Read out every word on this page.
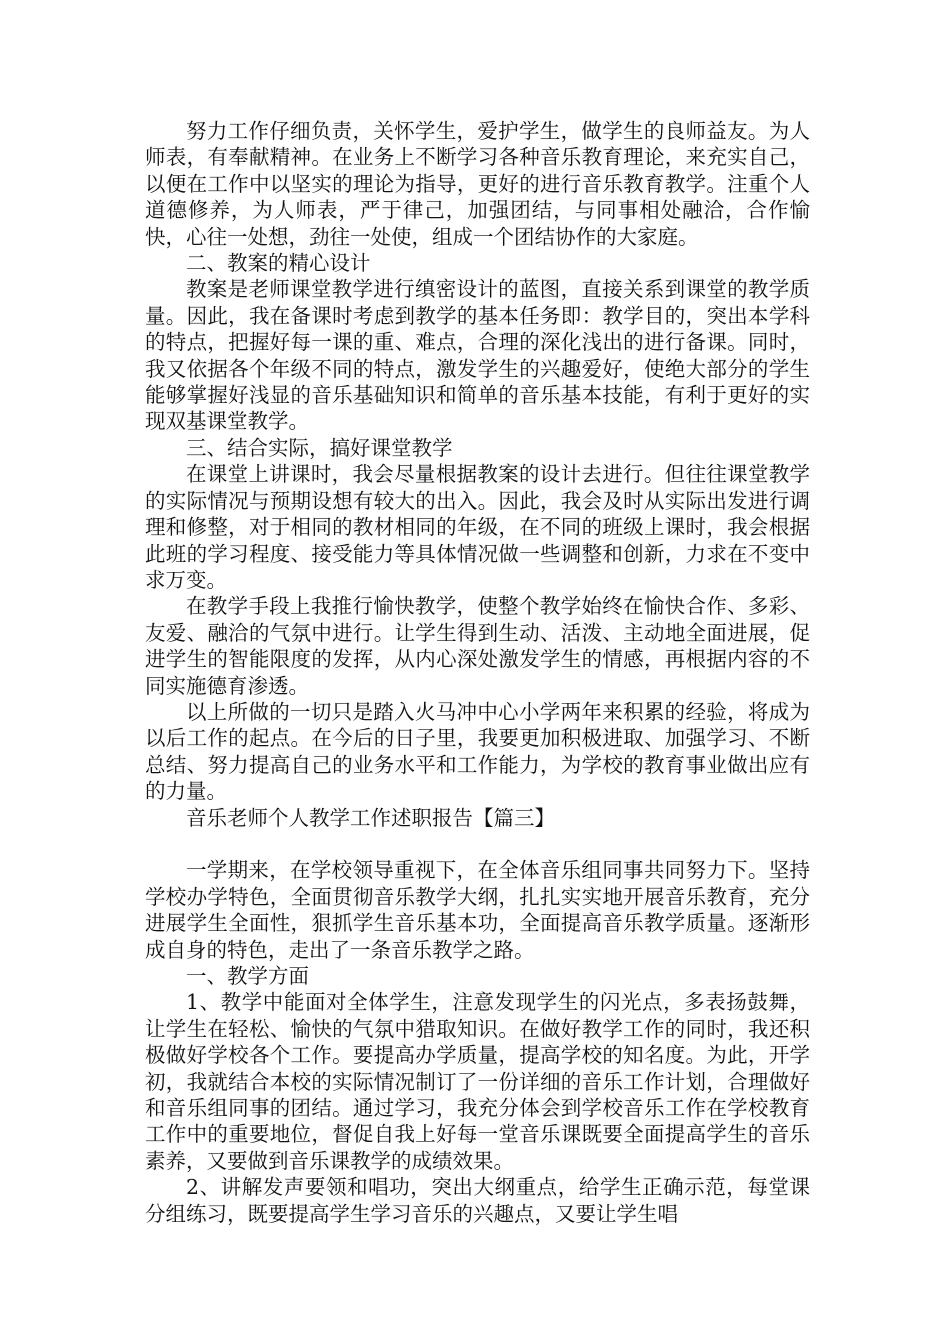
努力工作仔细负责，关怀学生，爱护学生，做学生的良师益友。为人师表，有奉献精神。在业务上不断学习各种音乐教育理论，来充实自己，以便在工作中以坚实的理论为指导，更好的进行音乐教育教学。注重个人道德修养，为人师表，严于律己，加强团结，与同事相处融洽，合作愉快，心往一处想，劲往一处使，组成一个团结协作的大家庭。

二、教案的精心设计

教案是老师课堂教学进行缜密设计的蓝图，直接关系到课堂的教学质量。因此，我在备课时考虑到教学的基本任务即：教学目的，突出本学科的特点，把握好每一课的重、难点，合理的深化浅出的进行备课。同时，我又依据各个年级不同的特点，激发学生的兴趣爱好，使绝大部分的学生能够掌握好浅显的音乐基础知识和简单的音乐基本技能，有利于更好的实现双基课堂教学。

三、结合实际，搞好课堂教学

在课堂上讲课时，我会尽量根据教案的设计去进行。但往往课堂教学的实际情况与预期设想有较大的出入。因此，我会及时从实际出发进行调理和修整，对于相同的教材相同的年级，在不同的班级上课时，我会根据此班的学习程度、接受能力等具体情况做一些调整和创新，力求在不变中求万变。

在教学手段上我推行愉快教学，使整个教学始终在愉快合作、多彩、友爱、融洽的气氛中进行。让学生得到生动、活泼、主动地全面进展，促进学生的智能限度的发挥，从内心深处激发学生的情感，再根据内容的不同实施德育渗透。

以上所做的一切只是踏入火马冲中心小学两年来积累的经验，将成为以后工作的起点。在今后的日子里，我要更加积极进取、加强学习、不断总结、努力提高自己的业务水平和工作能力，为学校的教育事业做出应有的力量。

音乐老师个人教学工作述职报告【篇三】

一学期来，在学校领导重视下，在全体音乐组同事共同努力下。坚持学校办学特色，全面贯彻音乐教学大纲，扎扎实实地开展音乐教育，充分进展学生全面性，狠抓学生音乐基本功，全面提高音乐教学质量。逐渐形成自身的特色，走出了一条音乐教学之路。

一、教学方面

1、教学中能面对全体学生，注意发现学生的闪光点，多表扬鼓舞，让学生在轻松、愉快的气氛中猎取知识。在做好教学工作的同时，我还积极做好学校各个工作。要提高办学质量，提高学校的知名度。为此，开学初，我就结合本校的实际情况制订了一份详细的音乐工作计划，合理做好和音乐组同事的团结。通过学习，我充分体会到学校音乐工作在学校教育工作中的重要地位，督促自我上好每一堂音乐课既要全面提高学生的音乐素养，又要做到音乐课教学的成绩效果。

2、讲解发声要领和唱功，突出大纲重点，给学生正确示范，每堂课分组练习，既要提高学生学习音乐的兴趣点，又要让学生唱
